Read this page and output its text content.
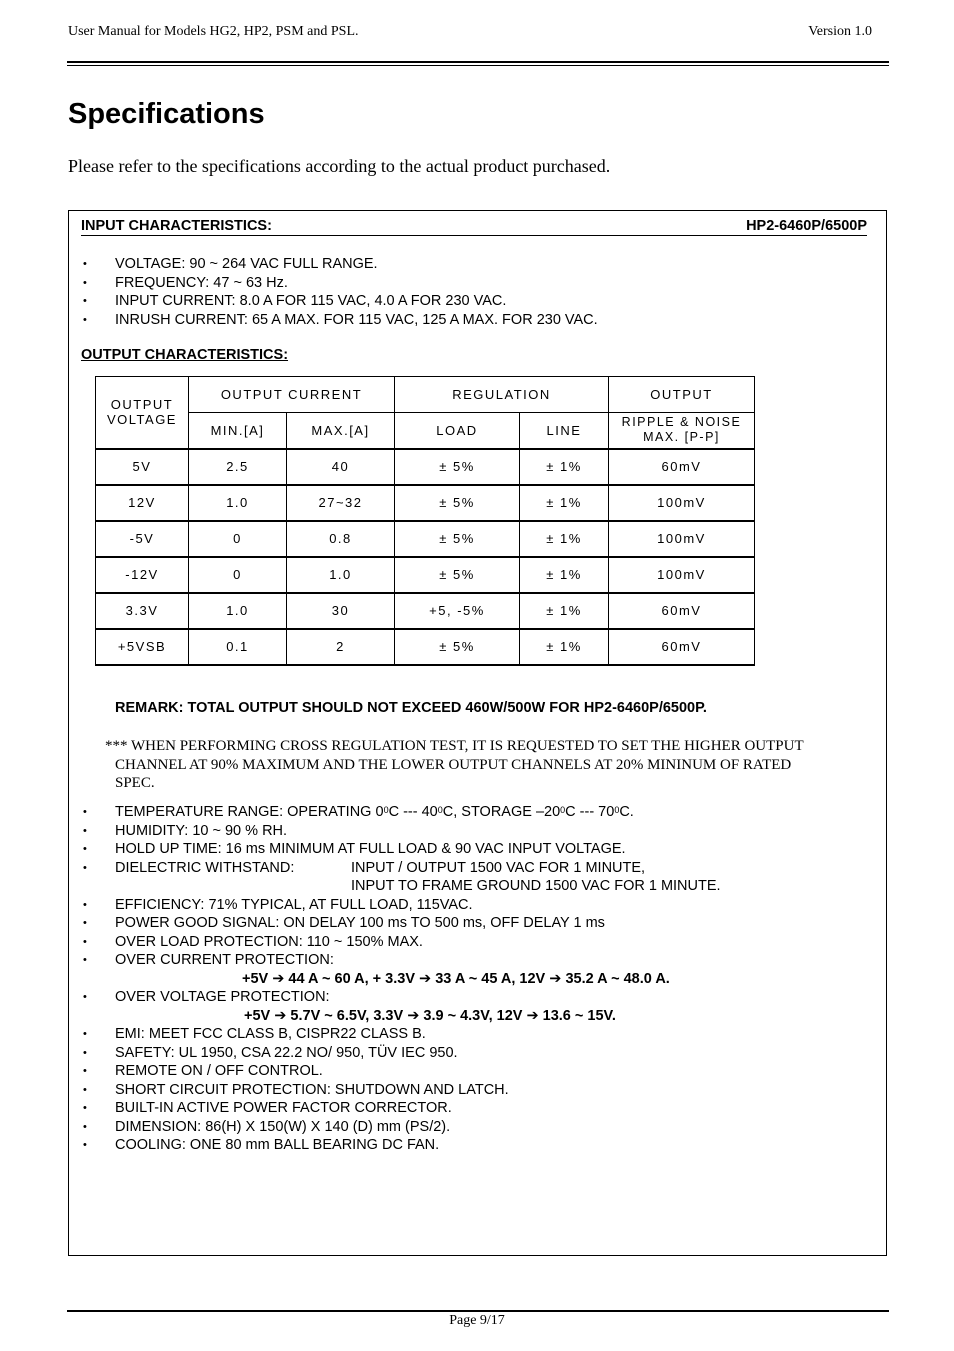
User Manual for Models HG2, HP2, PSM and PSL.	Version 1.0
Specifications
Please refer to the specifications according to the actual product purchased.
INPUT CHARACTERISTICS:	HP2-6460P/6500P
• VOLTAGE: 90 ~ 264 VAC FULL RANGE.
• FREQUENCY: 47 ~ 63 Hz.
• INPUT CURRENT: 8.0 A FOR 115 VAC, 4.0 A FOR 230 VAC.
• INRUSH CURRENT: 65 A MAX. FOR 115 VAC, 125 A MAX. FOR 230 VAC.
OUTPUT CHARACTERISTICS:
OUTPUT VOLTAGE	OUTPUT CURRENT		REGULATION		OUTPUT
	MIN.[A]	MAX.[A]	LOAD	LINE	RIPPLE & NOISE MAX. [P-P]
5V	2.5	40	± 5%	± 1%	60mV
12V	1.0	27~32	± 5%	± 1%	100mV
-5V	0	0.8	± 5%	± 1%	100mV
-12V	0	1.0	± 5%	± 1%	100mV
3.3V	1.0	30	+5, -5%	± 1%	60mV
+5VSB	0.1	2	± 5%	± 1%	60mV
REMARK: TOTAL OUTPUT SHOULD NOT EXCEED 460W/500W FOR HP2-6460P/6500P.
*** WHEN PERFORMING CROSS REGULATION TEST, IT IS REQUESTED TO SET THE HIGHER OUTPUT
CHANNEL AT 90% MAXIMUM AND THE LOWER OUTPUT CHANNELS AT 20% MININUM OF RATED
SPEC.
• TEMPERATURE RANGE: OPERATING $0^0C$ --- $40^0C$, STORAGE $-20^0C$ --- $70^0C$.
• HUMIDITY: 10 ~ 90 % RH.
• HOLD UP TIME: 16 ms MINIMUM AT FULL LOAD & 90 VAC INPUT VOLTAGE.
• DIELECTRIC WITHSTAND:	INPUT / OUTPUT 1500 VAC FOR 1 MINUTE,
INPUT TO FRAME GROUND 1500 VAC FOR 1 MINUTE.
• EFFICIENCY: 71% TYPICAL, AT FULL LOAD, 115VAC.
• POWER GOOD SIGNAL: ON DELAY 100 ms TO 500 ms, OFF DELAY 1 ms
• OVER LOAD PROTECTION: 110 ~ 150% MAX.
• OVER CURRENT PROTECTION:
+5V ➔ 44 A ~ 60 A, + 3.3V ➔ 33 A ~ 45 A, 12V ➔ 35.2 A ~ 48.0 A.
• OVER VOLTAGE PROTECTION:
+5V ➔ 5.7V ~ 6.5V, 3.3V ➔ 3.9 ~ 4.3V, 12V ➔ 13.6 ~ 15V.
• EMI: MEET FCC CLASS B, CISPR22 CLASS B.
• SAFETY: UL 1950, CSA 22.2 NO/ 950, TÜV IEC 950.
• REMOTE ON / OFF CONTROL.
• SHORT CIRCUIT PROTECTION: SHUTDOWN AND LATCH.
• BUILT-IN ACTIVE POWER FACTOR CORRECTOR.
• DIMENSION: 86(H) X 150(W) X 140 (D) mm (PS/2).
• COOLING: ONE 80 mm BALL BEARING DC FAN.
Page 9/17
